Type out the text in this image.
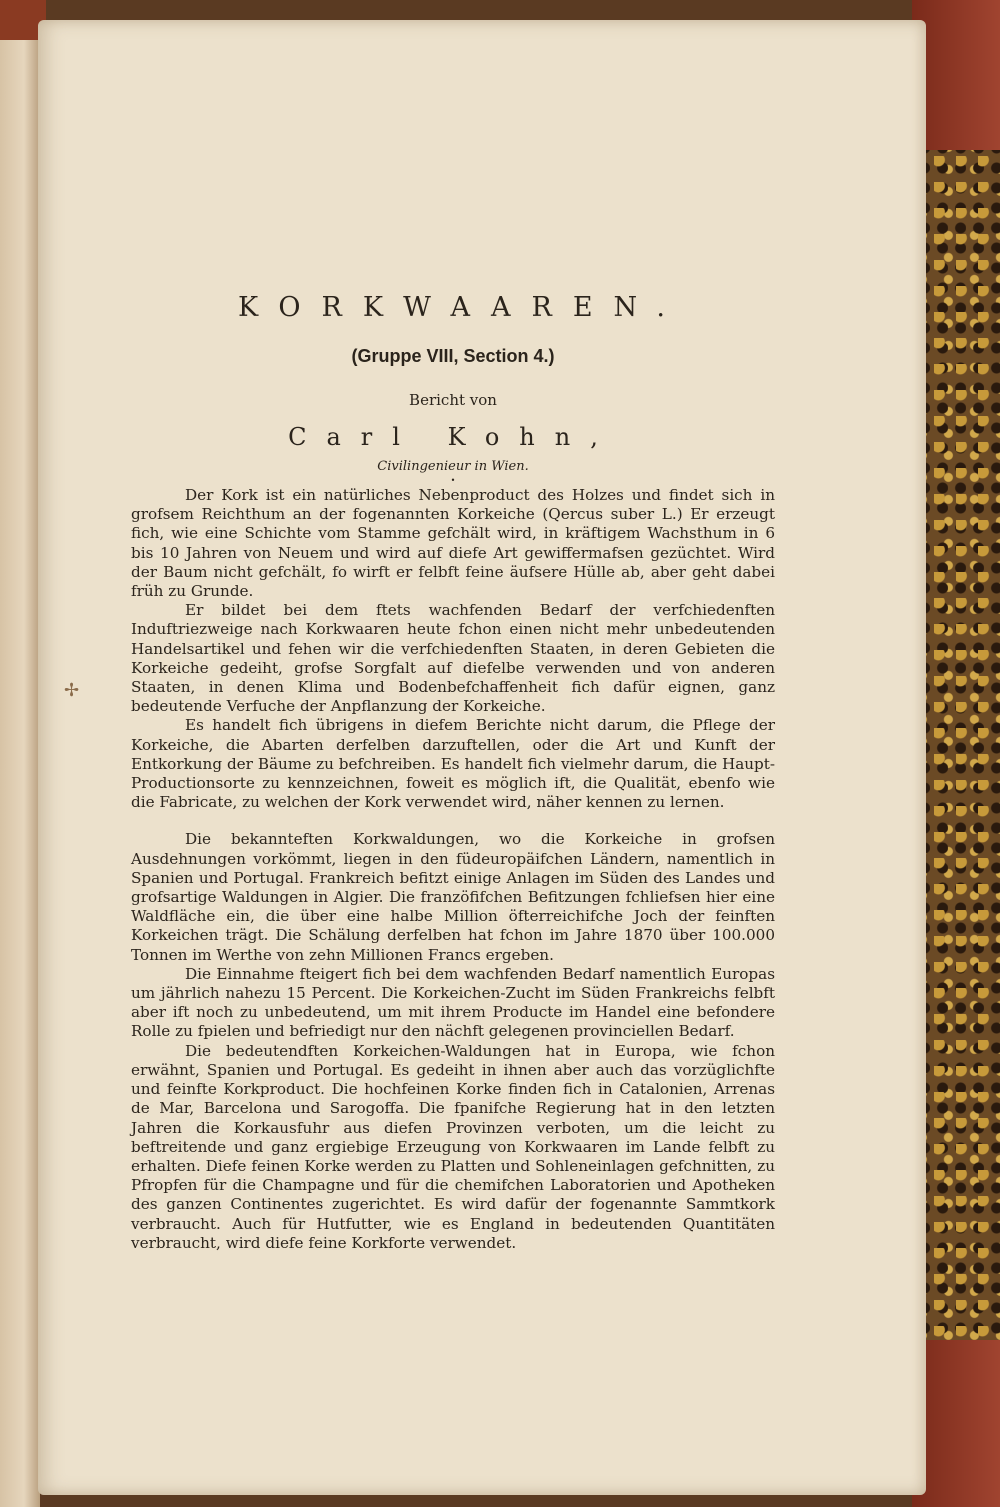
✢
KORKWAAREN.
(Gruppe VIII, Section 4.)
Bericht von
Carl Kohn,
Civilingenieur in Wien.
•

Der Kork ist ein natürliches Nebenproduct des Holzes und findet sich in grofsem Reichthum an der fogenannten Korkeiche (Qercus suber L.) Er erzeugt fich, wie eine Schichte vom Stamme gefchält wird, in kräftigem Wachsthum in 6 bis 10 Jahren von Neuem und wird auf diefe Art gewiffermafsen gezüchtet. Wird der Baum nicht gefchält, fo wirft er felbft feine äufsere Hülle ab, aber geht dabei früh zu Grunde.

Er bildet bei dem ftets wachfenden Bedarf der verfchiedenften Induftriezweige nach Korkwaaren heute fchon einen nicht mehr unbedeutenden Handelsartikel und fehen wir die verfchiedenften Staaten, in deren Gebieten die Korkeiche gedeiht, grofse Sorgfalt auf diefelbe verwenden und von anderen Staaten, in denen Klima und Bodenbefchaffenheit fich dafür eignen, ganz bedeutende Verfuche der Anpflanzung der Korkeiche.

Es handelt fich übrigens in diefem Berichte nicht darum, die Pflege der Korkeiche, die Abarten derfelben darzuftellen, oder die Art und Kunft der Entkorkung der Bäume zu befchreiben. Es handelt fich vielmehr darum, die Haupt-Productionsorte zu kennzeichnen, foweit es möglich ift, die Qualität, ebenfo wie die Fabricate, zu welchen der Kork verwendet wird, näher kennen zu lernen.

Die bekannteften Korkwaldungen, wo die Korkeiche in grofsen Ausdehnungen vorkömmt, liegen in den füdeuropäifchen Ländern, namentlich in Spanien und Portugal. Frankreich befitzt einige Anlagen im Süden des Landes und grofsartige Waldungen in Algier. Die franzöfifchen Befitzungen fchliefsen hier eine Waldfläche ein, die über eine halbe Million öfterreichifche Joch der feinften Korkeichen trägt. Die Schälung derfelben hat fchon im Jahre 1870 über 100.000 Tonnen im Werthe von zehn Millionen Francs ergeben.

Die Einnahme fteigert fich bei dem wachfenden Bedarf namentlich Europas um jährlich nahezu 15 Percent. Die Korkeichen-Zucht im Süden Frankreichs felbft aber ift noch zu unbedeutend, um mit ihrem Producte im Handel eine befondere Rolle zu fpielen und befriedigt nur den nächft gelegenen provinciellen Bedarf.

Die bedeutendften Korkeichen-Waldungen hat in Europa, wie fchon erwähnt, Spanien und Portugal. Es gedeiht in ihnen aber auch das vorzüglichfte und feinfte Korkproduct. Die hochfeinen Korke finden fich in Catalonien, Arrenas de Mar, Barcelona und Sarogoffa. Die fpanifche Regierung hat in den letzten Jahren die Korkausfuhr aus diefen Provinzen verboten, um die leicht zu beftreitende und ganz ergiebige Erzeugung von Korkwaaren im Lande felbft zu erhalten. Diefe feinen Korke werden zu Platten und Sohleneinlagen gefchnitten, zu Pfropfen für die Champagne und für die chemifchen Laboratorien und Apotheken des ganzen Continentes zugerichtet. Es wird dafür der fogenannte Sammtkork verbraucht. Auch für Hutfutter, wie es England in bedeutenden Quantitäten verbraucht, wird diefe feine Korkforte verwendet.
